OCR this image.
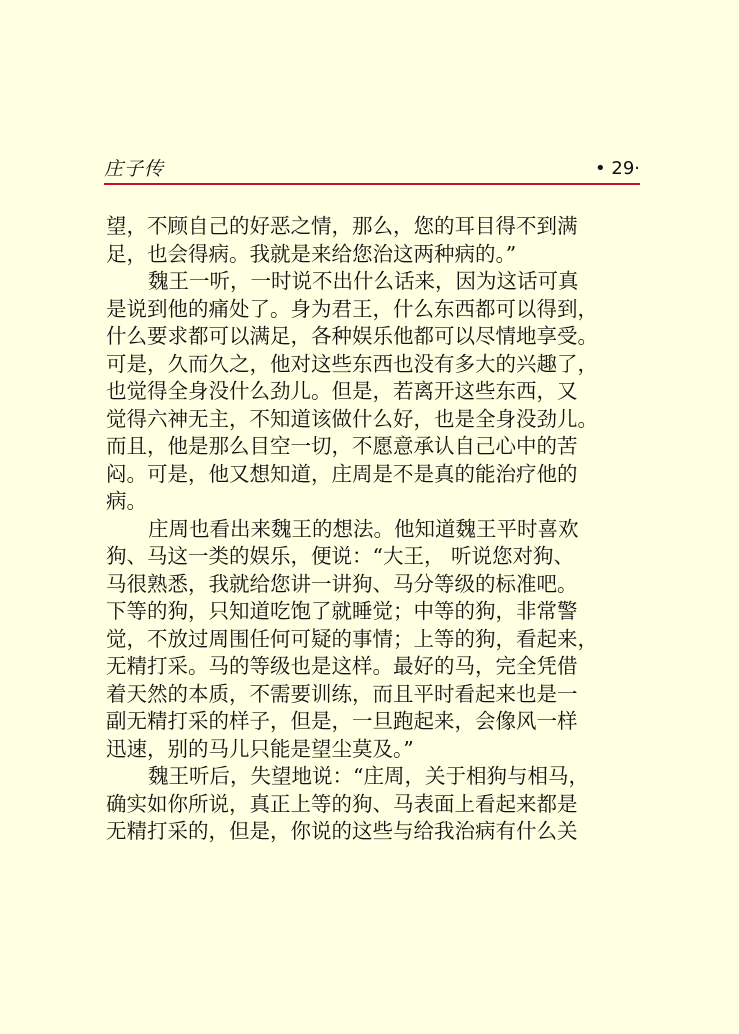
庄子传	• 29·
望，不顾自己的好恶之情，那么，您的耳目得不到满
足，也会得病。我就是来给您治这两种病的。”
魏王一听，一时说不出什么话来，因为这话可真
是说到他的痛处了。身为君王，什么东西都可以得到，
什么要求都可以满足，各种娱乐他都可以尽情地享受。
可是，久而久之，他对这些东西也没有多大的兴趣了，
也觉得全身没什么劲儿。但是，若离开这些东西，又
觉得六神无主，不知道该做什么好，也是全身没劲儿。
而且，他是那么目空一切，不愿意承认自己心中的苦
闷。可是，他又想知道，庄周是不是真的能治疗他的
病。
庄周也看出来魏王的想法。他知道魏王平时喜欢
狗、马这一类的娱乐，便说：“大王， 听说您对狗、
马很熟悉，我就给您讲一讲狗、马分等级的标准吧。
下等的狗，只知道吃饱了就睡觉；中等的狗，非常警
觉，不放过周围任何可疑的事情；上等的狗，看起来，
无精打采。马的等级也是这样。最好的马，完全凭借
着天然的本质，不需要训练，而且平时看起来也是一
副无精打采的样子，但是，一旦跑起来，会像风一样
迅速，别的马儿只能是望尘莫及。”
魏王听后，失望地说：“庄周，关于相狗与相马，
确实如你所说，真正上等的狗、马表面上看起来都是
无精打采的，但是，你说的这些与给我治病有什么关
